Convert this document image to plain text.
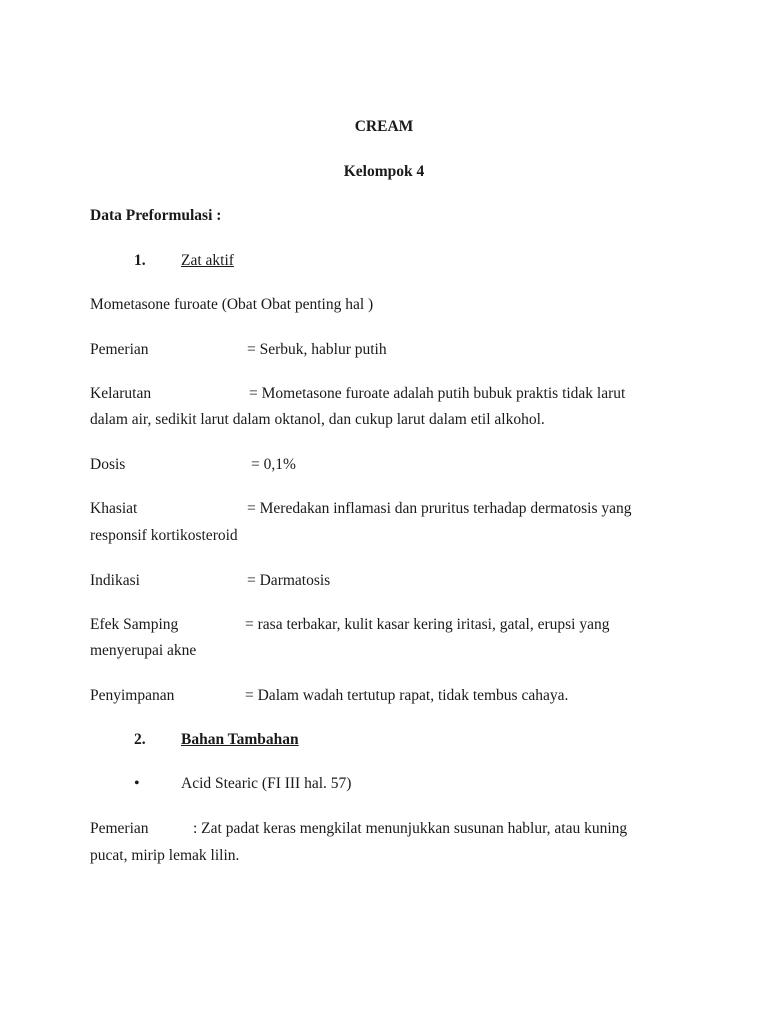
CREAM
Kelompok 4
Data Preformulasi :
1. Zat aktif
Mometasone furoate (Obat Obat penting hal )
Pemerian	= Serbuk, hablur putih
Kelarutan	= Mometasone furoate adalah putih bubuk praktis tidak larut
dalam air, sedikit larut dalam oktanol, dan cukup larut dalam etil alkohol.
Dosis	= 0,1%
Khasiat	= Meredakan inflamasi dan pruritus terhadap dermatosis yang
responsif kortikosteroid
Indikasi	= Darmatosis
Efek Samping	= rasa terbakar, kulit kasar kering iritasi, gatal, erupsi yang
menyerupai akne
Penyimpanan	= Dalam wadah tertutup rapat, tidak tembus cahaya.
2. Bahan Tambahan
•	Acid Stearic (FI III hal. 57)
Pemerian	: Zat padat keras mengkilat menunjukkan susunan hablur, atau kuning
pucat, mirip lemak lilin.
